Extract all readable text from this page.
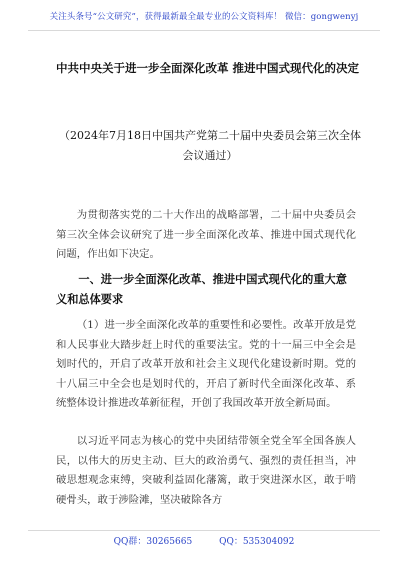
关注头条号“公文研究”，获得最新最全最专业的公文资料库！ 微信：gongwenyj
中共中央关于进一步全面深化改革 推进中国式现代化的决定
（2024年7月18日中国共产党第二十届中央委员会第三次全体会议通过）
为贯彻落实党的二十大作出的战略部署，二十届中央委员会第三次全体会议研究了进一步全面深化改革、推进中国式现代化问题，作出如下决定。
一、进一步全面深化改革、推进中国式现代化的重大意义和总体要求
（1）进一步全面深化改革的重要性和必要性。改革开放是党和人民事业大踏步赶上时代的重要法宝。党的十一届三中全会是划时代的，开启了改革开放和社会主义现代化建设新时期。党的十八届三中全会也是划时代的，开启了新时代全面深化改革、系统整体设计推进改革新征程，开创了我国改革开放全新局面。
以习近平同志为核心的党中央团结带领全党全军全国各族人民，以伟大的历史主动、巨大的政治勇气、强烈的责任担当，冲破思想观念束缚，突破利益固化藩篱，敢于突进深水区，敢于啃硬骨头，敢于涉险滩，坚决破除各方
QQ群：30265665	QQ：535304092
